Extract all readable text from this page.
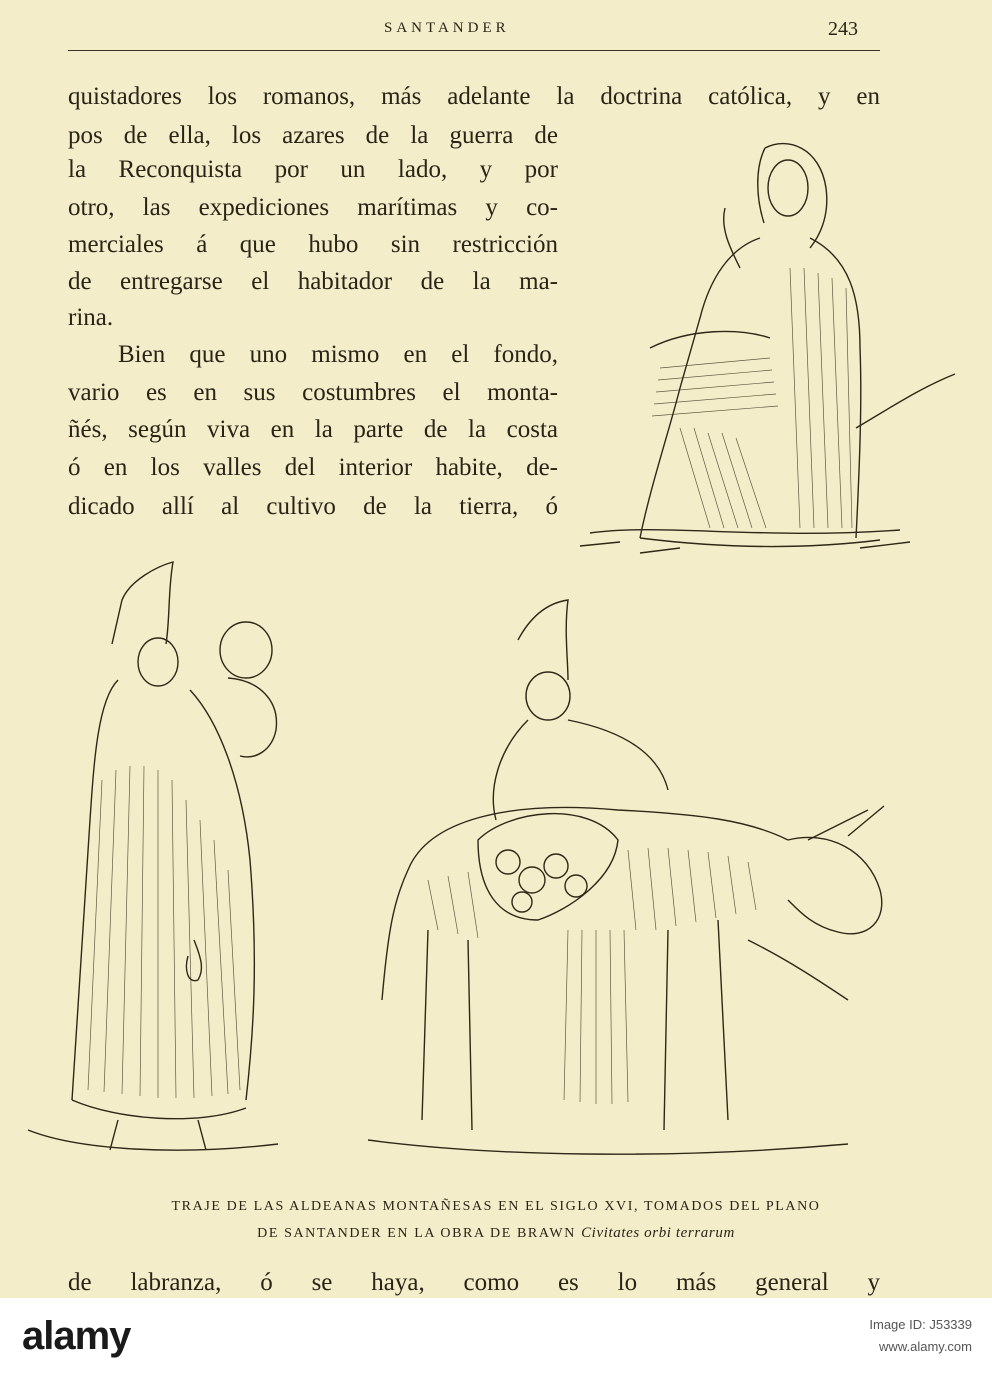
SANTANDER	243
quistadores los romanos, más adelante la doctrina católica, y en
pos de ella, los azares de la guerra de
la Reconquista por un lado, y por
otro, las expediciones marítimas y co-
merciales á que hubo sin restricción
de entregarse el habitador de la ma-
rina.
Bien que uno mismo en el fondo,
vario es en sus costumbres el monta-
ñés, según viva en la parte de la costa
ó en los valles del interior habite, de-
dicado allí al cultivo de la tierra, ó
TRAJE DE LAS ALDEANAS MONTAÑESAS EN EL SIGLO XVI, TOMADOS DEL PLANO
DE SANTANDER EN LA OBRA DE BRAWN Civitates orbi terrarum
de labranza, ó se haya, como es lo más general y
alamy	Image ID: J53339
www.alamy.com
